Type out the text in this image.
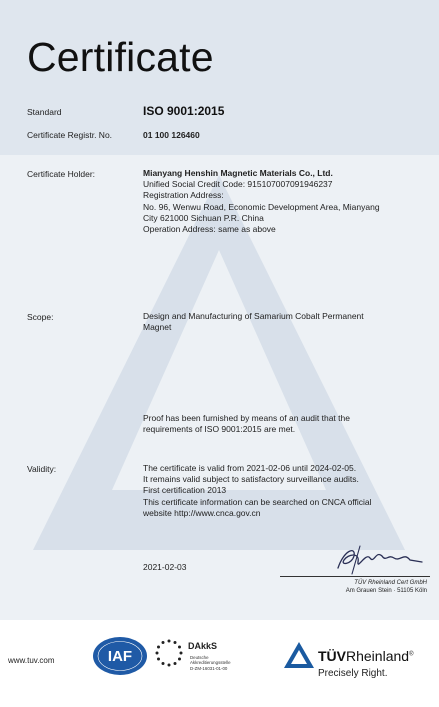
Certificate
Standard	ISO 9001:2015
Certificate Registr. No.	01 100 126460
Certificate Holder:	Mianyang Henshin Magnetic Materials Co., Ltd.
Unified Social Credit Code: 915107007091946237
Registration Address:
No. 96, Wenwu Road, Economic Development Area, Mianyang
City 621000 Sichuan P.R. China
Operation Address: same as above
Scope:	Design and Manufacturing of Samarium Cobalt Permanent
Magnet
Proof has been furnished by means of an audit that the
requirements of ISO 9001:2015 are met.
Validity:	The certificate is valid from 2021-02-06 until 2024-02-05.
It remains valid subject to satisfactory surveillance audits.
First certification 2013
This certificate information can be searched on CNCA official
website http://www.cnca.gov.cn
2021-02-03
TÜV Rheinland Cert GmbH
Am Grauen Stein · 51105 Köln
www.tuv.com	IAF
DAkkS
Deutsche
Akkreditierungsstelle
D-ZM-16031-01-00
TÜVRheinland®
Precisely Right.
